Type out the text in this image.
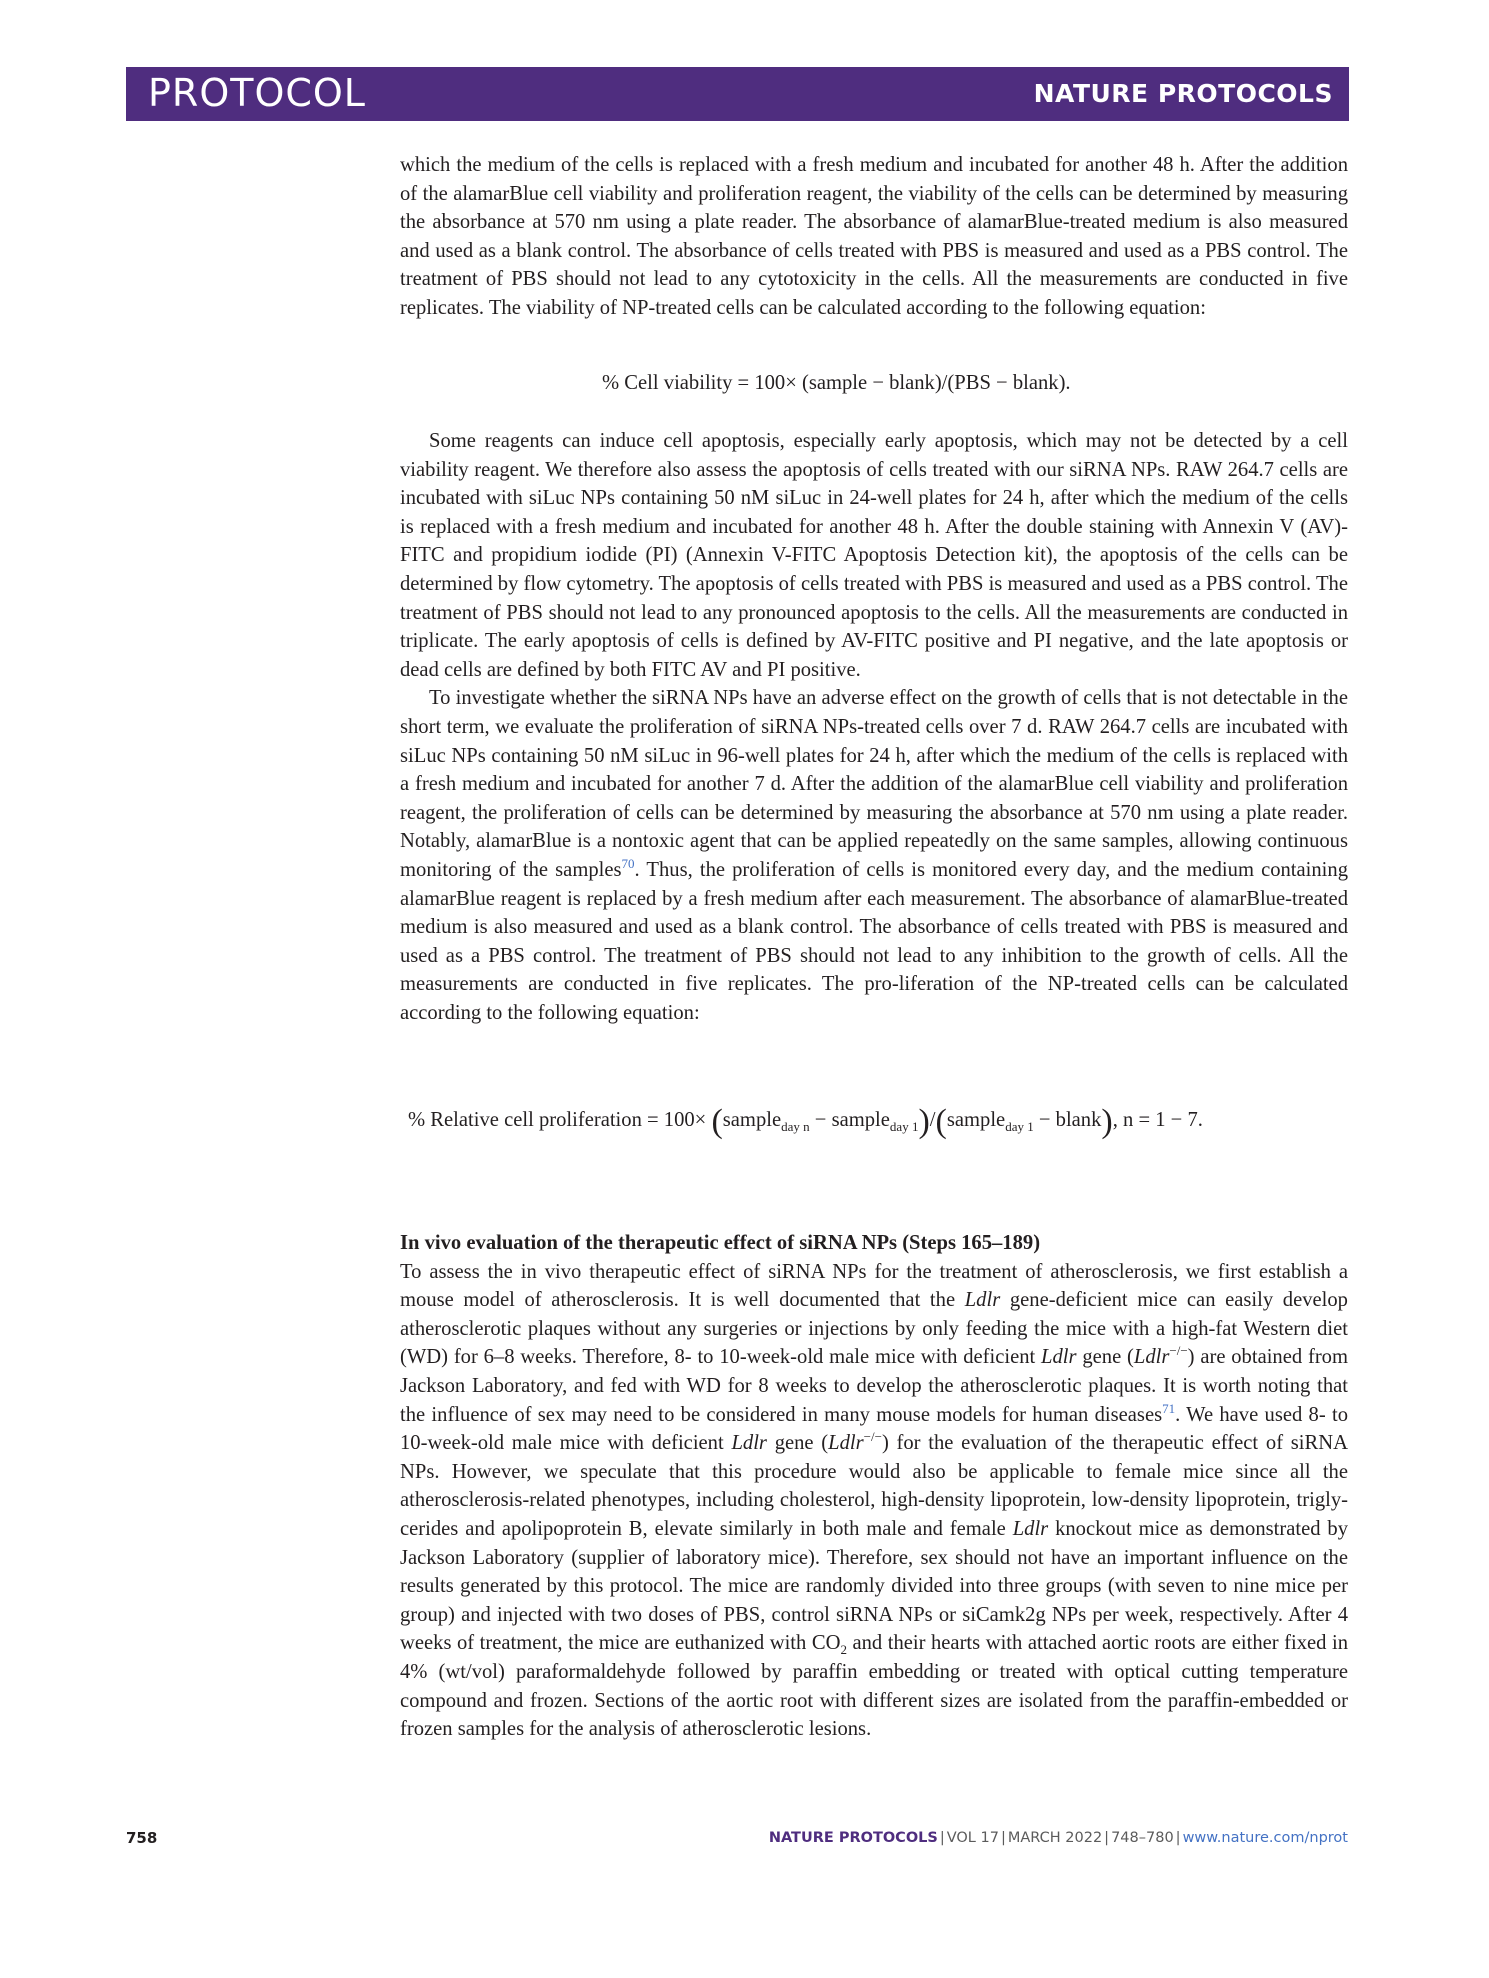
PROTOCOL	NATURE PROTOCOLS

which the medium of the cells is replaced with a fresh medium and incubated for another 48 h. After the addition of the alamarBlue cell viability and proliferation reagent, the viability of the cells can be determined by measuring the absorbance at 570 nm using a plate reader. The absorbance of alamarBlue-treated medium is also measured and used as a blank control. The absorbance of cells treated with PBS is measured and used as a PBS control. The treatment of PBS should not lead to any cytotoxicity in the cells. All the measurements are conducted in five replicates. The viability of NP-treated cells can be calculated according to the following equation:

% Cell viability = 100× (sample − blank)/(PBS − blank).

Some reagents can induce cell apoptosis, especially early apoptosis, which may not be detected by a cell viability reagent. We therefore also assess the apoptosis of cells treated with our siRNA NPs. RAW 264.7 cells are incubated with siLuc NPs containing 50 nM siLuc in 24-well plates for 24 h, after which the medium of the cells is replaced with a fresh medium and incubated for another 48 h. After the double staining with Annexin V (AV)-FITC and propidium iodide (PI) (Annexin V-FITC Apoptosis Detection kit), the apoptosis of the cells can be determined by flow cytometry. The apoptosis of cells treated with PBS is measured and used as a PBS control. The treatment of PBS should not lead to any pronounced apoptosis to the cells. All the measurements are conducted in triplicate. The early apoptosis of cells is defined by AV-FITC positive and PI negative, and the late apoptosis or dead cells are defined by both FITC AV and PI positive.

To investigate whether the siRNA NPs have an adverse effect on the growth of cells that is not detectable in the short term, we evaluate the proliferation of siRNA NPs-treated cells over 7 d. RAW 264.7 cells are incubated with siLuc NPs containing 50 nM siLuc in 96-well plates for 24 h, after which the medium of the cells is replaced with a fresh medium and incubated for another 7 d. After the addition of the alamarBlue cell viability and proliferation reagent, the proliferation of cells can be determined by measuring the absorbance at 570 nm using a plate reader. Notably, alamarBlue is a nontoxic agent that can be applied repeatedly on the same samples, allowing continuous monitoring of the samples$^{70}$. Thus, the proliferation of cells is monitored every day, and the medium containing alamarBlue reagent is replaced by a fresh medium after each measurement. The absorbance of alamarBlue-treated medium is also measured and used as a blank control. The absorbance of cells treated with PBS is measured and used as a PBS control. The treatment of PBS should not lead to any inhibition to the growth of cells. All the measurements are conducted in five replicates. The pro-liferation of the NP-treated cells can be calculated according to the following equation:

% Relative cell proliferation = 100× (sample$_{day n}$ − sample$_{day 1}$)/(sample$_{day 1}$ − blank), n = 1 − 7.

In vivo evaluation of the therapeutic effect of siRNA NPs (Steps 165–189)

To assess the in vivo therapeutic effect of siRNA NPs for the treatment of atherosclerosis, we first establish a mouse model of atherosclerosis. It is well documented that the Ldlr gene-deficient mice can easily develop atherosclerotic plaques without any surgeries or injections by only feeding the mice with a high-fat Western diet (WD) for 6–8 weeks. Therefore, 8- to 10-week-old male mice with deficient Ldlr gene (Ldlr−/−) are obtained from Jackson Laboratory, and fed with WD for 8 weeks to develop the atherosclerotic plaques. It is worth noting that the influence of sex may need to be considered in many mouse models for human diseases$^{71}$. We have used 8- to 10-week-old male mice with deficient Ldlr gene (Ldlr−/−) for the evaluation of the therapeutic effect of siRNA NPs. However, we speculate that this procedure would also be applicable to female mice since all the atherosclerosis-related phenotypes, including cholesterol, high-density lipoprotein, low-density lipoprotein, trigly-cerides and apolipoprotein B, elevate similarly in both male and female Ldlr knockout mice as demonstrated by Jackson Laboratory (supplier of laboratory mice). Therefore, sex should not have an important influence on the results generated by this protocol. The mice are randomly divided into three groups (with seven to nine mice per group) and injected with two doses of PBS, control siRNA NPs or siCamk2g NPs per week, respectively. After 4 weeks of treatment, the mice are euthanized with $CO_2$ and their hearts with attached aortic roots are either fixed in 4% (wt/vol) paraformaldehyde followed by paraffin embedding or treated with optical cutting temperature compound and frozen. Sections of the aortic root with different sizes are isolated from the paraffin-embedded or frozen samples for the analysis of atherosclerotic lesions.

758	NATURE PROTOCOLS | VOL 17 | MARCH 2022 | 748–780 | www.nature.com/nprot
